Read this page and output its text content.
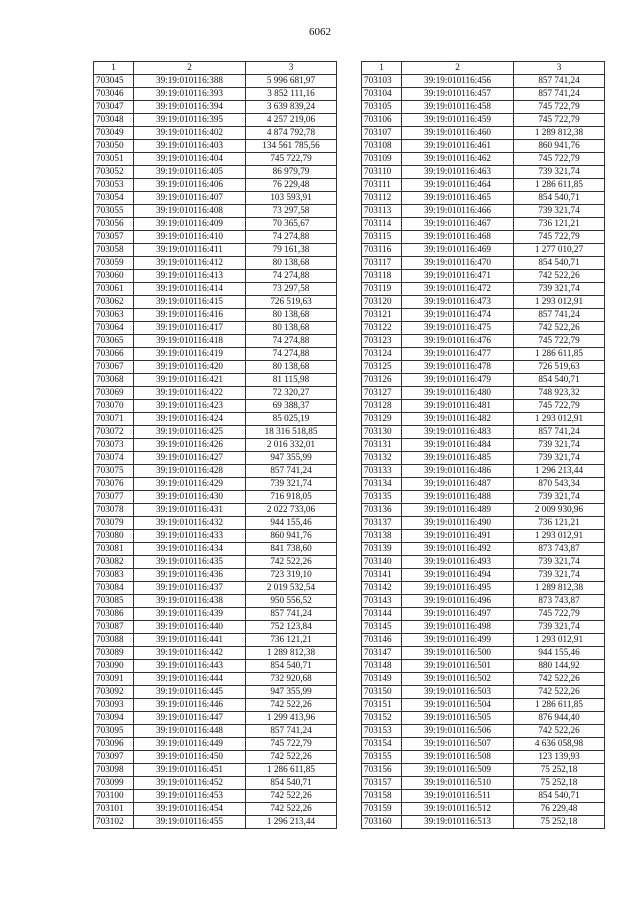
6062
1	2	3
703045	39:19:010116:388	5 996 681,97
703046	39:19:010116:393	3 852 111,16
703047	39:19:010116:394	3 639 839,24
703048	39:19:010116:395	4 257 219,06
703049	39:19:010116:402	4 874 792,78
703050	39:19:010116:403	134 561 785,56
703051	39:19:010116:404	745 722,79
703052	39:19:010116:405	86 979,79
703053	39:19:010116:406	76 229,48
703054	39:19:010116:407	103 593,91
703055	39:19:010116:408	73 297,58
703056	39:19:010116:409	70 365,67
703057	39:19:010116:410	74 274,88
703058	39:19:010116:411	79 161,38
703059	39:19:010116:412	80 138,68
703060	39:19:010116:413	74 274,88
703061	39:19:010116:414	73 297,58
703062	39:19:010116:415	726 519,63
703063	39:19:010116:416	80 138,68
703064	39:19:010116:417	80 138,68
703065	39:19:010116:418	74 274,88
703066	39:19:010116:419	74 274,88
703067	39:19:010116:420	80 138,68
703068	39:19:010116:421	81 115,98
703069	39:19:010116:422	72 320,27
703070	39:19:010116:423	69 388,37
703071	39:19:010116:424	85 025,19
703072	39:19:010116:425	18 316 518,85
703073	39:19:010116:426	2 016 332,01
703074	39:19:010116:427	947 355,99
703075	39:19:010116:428	857 741,24
703076	39:19:010116:429	739 321,74
703077	39:19:010116:430	716 918,05
703078	39:19:010116:431	2 022 733,06
703079	39:19:010116:432	944 155,46
703080	39:19:010116:433	860 941,76
703081	39:19:010116:434	841 738,60
703082	39:19:010116:435	742 522,26
703083	39:19:010116:436	723 319,10
703084	39:19:010116:437	2 019 532,54
703085	39:19:010116:438	950 556,52
703086	39:19:010116:439	857 741,24
703087	39:19:010116:440	752 123,84
703088	39:19:010116:441	736 121,21
703089	39:19:010116:442	1 289 812,38
703090	39:19:010116:443	854 540,71
703091	39:19:010116:444	732 920,68
703092	39:19:010116:445	947 355,99
703093	39:19:010116:446	742 522,26
703094	39:19:010116:447	1 299 413,96
703095	39:19:010116:448	857 741,24
703096	39:19:010116:449	745 722,79
703097	39:19:010116:450	742 522,26
703098	39:19:010116:451	1 286 611,85
703099	39:19:010116:452	854 540,71
703100	39:19:010116:453	742 522,26
703101	39:19:010116:454	742 522,26
703102	39:19:010116:455	1 296 213,44
1	2	3
703103	39:19:010116:456	857 741,24
703104	39:19:010116:457	857 741,24
703105	39:19:010116:458	745 722,79
703106	39:19:010116:459	745 722,79
703107	39:19:010116:460	1 289 812,38
703108	39:19:010116:461	860 941,76
703109	39:19:010116:462	745 722,79
703110	39:19:010116:463	739 321,74
703111	39:19:010116:464	1 286 611,85
703112	39:19:010116:465	854 540,71
703113	39:19:010116:466	739 321,74
703114	39:19:010116:467	736 121,21
703115	39:19:010116:468	745 722,79
703116	39:19:010116:469	1 277 010,27
703117	39:19:010116:470	854 540,71
703118	39:19:010116:471	742 522,26
703119	39:19:010116:472	739 321,74
703120	39:19:010116:473	1 293 012,91
703121	39:19:010116:474	857 741,24
703122	39:19:010116:475	742 522,26
703123	39:19:010116:476	745 722,79
703124	39:19:010116:477	1 286 611,85
703125	39:19:010116:478	726 519,63
703126	39:19:010116:479	854 540,71
703127	39:19:010116:480	748 923,32
703128	39:19:010116:481	745 722,79
703129	39:19:010116:482	1 293 012,91
703130	39:19:010116:483	857 741,24
703131	39:19:010116:484	739 321,74
703132	39:19:010116:485	739 321,74
703133	39:19:010116:486	1 296 213,44
703134	39:19:010116:487	870 543,34
703135	39:19:010116:488	739 321,74
703136	39:19:010116:489	2 009 930,96
703137	39:19:010116:490	736 121,21
703138	39:19:010116:491	1 293 012,91
703139	39:19:010116:492	873 743,87
703140	39:19:010116:493	739 321,74
703141	39:19:010116:494	739 321,74
703142	39:19:010116:495	1 289 812,38
703143	39:19:010116:496	873 743,87
703144	39:19:010116:497	745 722,79
703145	39:19:010116:498	739 321,74
703146	39:19:010116:499	1 293 012,91
703147	39:19:010116:500	944 155,46
703148	39:19:010116:501	880 144,92
703149	39:19:010116:502	742 522,26
703150	39:19:010116:503	742 522,26
703151	39:19:010116:504	1 286 611,85
703152	39:19:010116:505	876 944,40
703153	39:19:010116:506	742 522,26
703154	39:19:010116:507	4 636 058,98
703155	39:19:010116:508	123 139,93
703156	39:19:010116:509	75 252,18
703157	39:19:010116:510	75 252,18
703158	39:19:010116:511	854 540,71
703159	39:19:010116:512	76 229,48
703160	39:19:010116:513	75 252,18
